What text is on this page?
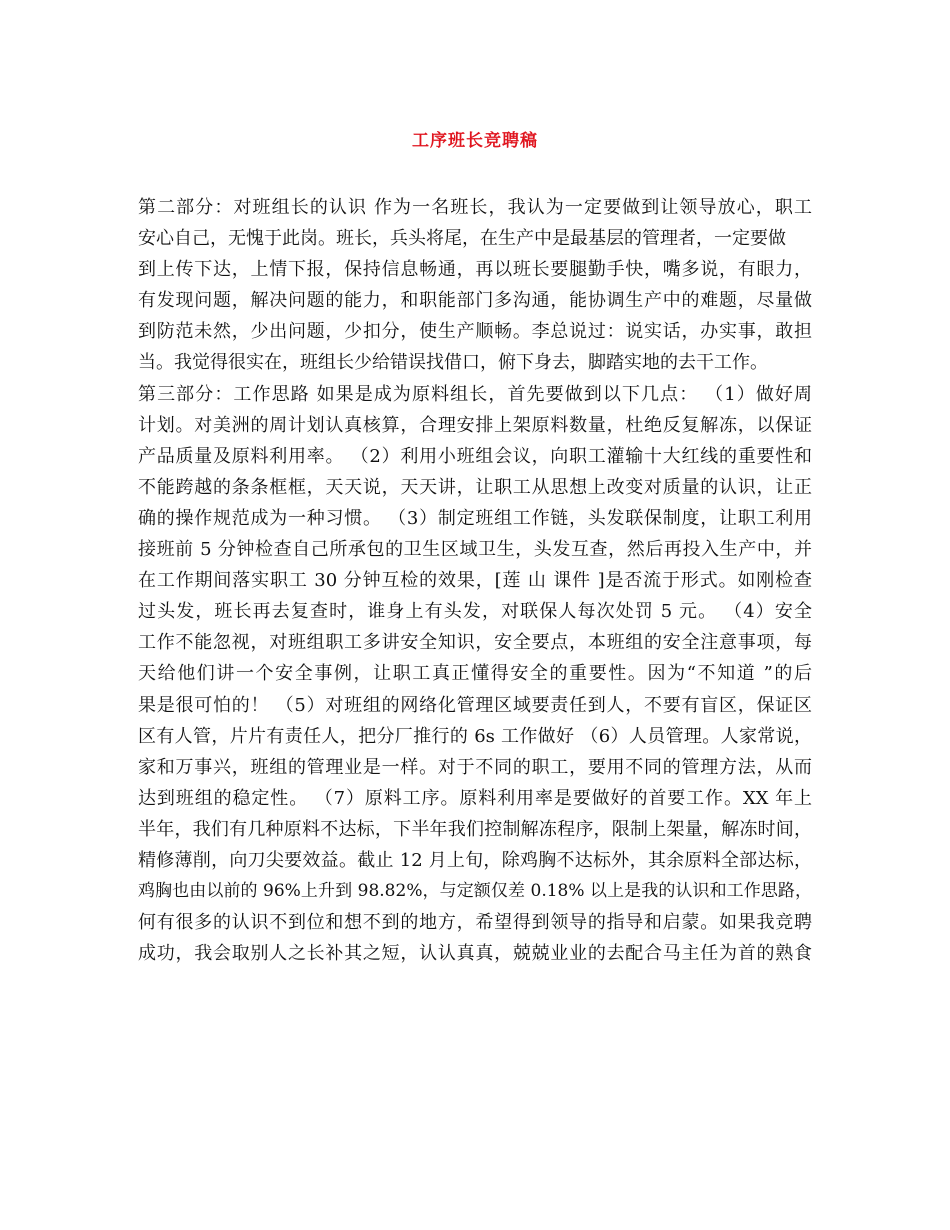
工序班长竞聘稿
第二部分：对班组长的认识 作为一名班长，我认为一定要做到让领导放心，职工
安心自己，无愧于此岗。班长，兵头将尾，在生产中是最基层的管理者，一定要做
到上传下达，上情下报，保持信息畅通，再以班长要腿勤手快，嘴多说，有眼力，
有发现问题，解决问题的能力，和职能部门多沟通，能协调生产中的难题，尽量做
到防范未然，少出问题，少扣分，使生产顺畅。李总说过：说实话，办实事，敢担
当。我觉得很实在，班组长少给错误找借口，俯下身去，脚踏实地的去干工作。
第三部分：工作思路 如果是成为原料组长，首先要做到以下几点： （1）做好周
计划。对美洲的周计划认真核算，合理安排上架原料数量，杜绝反复解冻，以保证
产品质量及原料利用率。 （2）利用小班组会议，向职工灌输十大红线的重要性和
不能跨越的条条框框，天天说，天天讲，让职工从思想上改变对质量的认识，让正
确的操作规范成为一种习惯。 （3）制定班组工作链，头发联保制度，让职工利用
接班前 5 分钟检查自己所承包的卫生区域卫生，头发互查，然后再投入生产中，并
在工作期间落实职工 30 分钟互检的效果，[莲 山 课件 ]是否流于形式。如刚检查
过头发，班长再去复查时，谁身上有头发，对联保人每次处罚 5 元。 （4）安全
工作不能忽视，对班组职工多讲安全知识，安全要点，本班组的安全注意事项，每
天给他们讲一个安全事例，让职工真正懂得安全的重要性。因为“不知道 ”的后
果是很可怕的！ （5）对班组的网络化管理区域要责任到人，不要有盲区，保证区
区有人管，片片有责任人，把分厂推行的 6s 工作做好 （6）人员管理。人家常说，
家和万事兴，班组的管理业是一样。对于不同的职工，要用不同的管理方法，从而
达到班组的稳定性。 （7）原料工序。原料利用率是要做好的首要工作。XX 年上
半年，我们有几种原料不达标，下半年我们控制解冻程序，限制上架量，解冻时间，
精修薄削，向刀尖要效益。截止 12 月上旬，除鸡胸不达标外，其余原料全部达标，
鸡胸也由以前的 96%上升到 98.82%，与定额仅差 0.18% 以上是我的认识和工作思路，
何有很多的认识不到位和想不到的地方，希望得到领导的指导和启蒙。如果我竞聘
成功，我会取别人之长补其之短，认认真真，兢兢业业的去配合马主任为首的熟食
